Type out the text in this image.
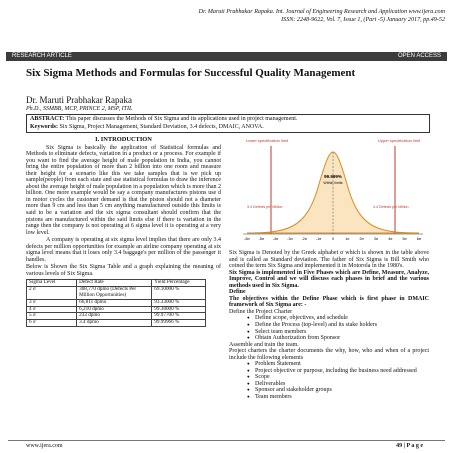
Dr. Maruti Prabhakar Rapaka. Int. Journal of Engineering Research and Application www.ijera.com
ISSN: 2248-9622, Vol. 7, Issue 1, (Part -5) January 2017, pp.49-52
RESEARCH ARTICLE	OPEN ACCESS
Six Sigma Methods and Formulas for Successful Quality Management
Dr. Maruti Prabhakar Rapaka
Ph.D., SSMBB, MCP, PRINCE 2, MSP, ITIL
ABSTRACT: This paper discusses the Methods of Six Sigma and its applications used in project management.
Keywords: Six Sigma, Project Management, Standard Deviation, 3.4 defects, DMAIC, ANOVA.
I. INTRODUCTION

Six Sigma is basically the application of Statistical formulas and Methods to eliminate defects, variation in a product or a process. For example if you want to find the average height of male population in India, you cannot bring the entire population of more than 2 billion into one room and measure their height for a scenario like this we take samples that is we pick up sample(people) from each state and use statistical formulas to draw the inference about the average height of male population in a population which is more than 2 billion. One more example would be say a company manufactures pistons use d in motor cycles the customer demand is that the piston should not a diameter more than 9 cm and less than 5 cm anything manufactured outside this limits is said to be a variation and the six sigma consultant should confirm that the pistons are manufactured within the said limits else if there is variation in the range then the company is not operating at 6 sigma level it is operating at a very low level.

A company is operating at six sigma level implies that there are only 3.4 defects per million opportunities for example an airline company operating at six sigma level means that it loses only 3.4 baggage's per million of the passenger it handles.

Below is Shown the Six Sigma Table and a graph explaining the meaning of various levels of Six Sigma.

Sigma Level	Defect Rate	Yield Percentage
2 σ	308,770 dpmo (Defects Per Million Opportunities)	69.10000 %
3 σ	66,811 dpmo	93.33000 %
4 σ	6,210 dpmo	99.38000 %
5 σ	233 dpmo	99.97700 %
6 σ	3.4 dpmo	99.99966 %
Lower specification limit	Upper specification limit
99.999%
Within limits
3.4 Defects per Million	3.4 Defects per Million
-6σ -5σ -4σ -3σ -2σ -1σ	0	1σ	2σ	3σ	4σ	5σ	6σ

Six Sigma is Denoted by the Greek alphabet σ which is shown in the table above and is called as Standard deviation. The father of Six Sigma is Bill Smith who coined the term Six Sigma and implemented it in Motorola in the 1980's.

Six Sigma is implemented in Five Phases which are Define, Measure, Analyze, Improve, Control and we will discuss each phases in brief and the various methods used in Six Sigma.

Define

The objectives within the Define Phase which is first phase in DMAIC framework of Six Sigma are: -

Define the Project Charter

● Define scope, objectives, and schedule
● Define the Process (top-level) and its stake holders
● Select team members
● Obtain Authorization from Sponsor

Assemble and train the team.

Project charters the charter documents the why, how, who and when of a project include the following elements

● Problem Statement
● Project objective or purpose, including the business need addressed
● Scope
● Deliverables
● Sponsor and stakeholder groups
● Team members
www.ijera.com	49 | P a g e
